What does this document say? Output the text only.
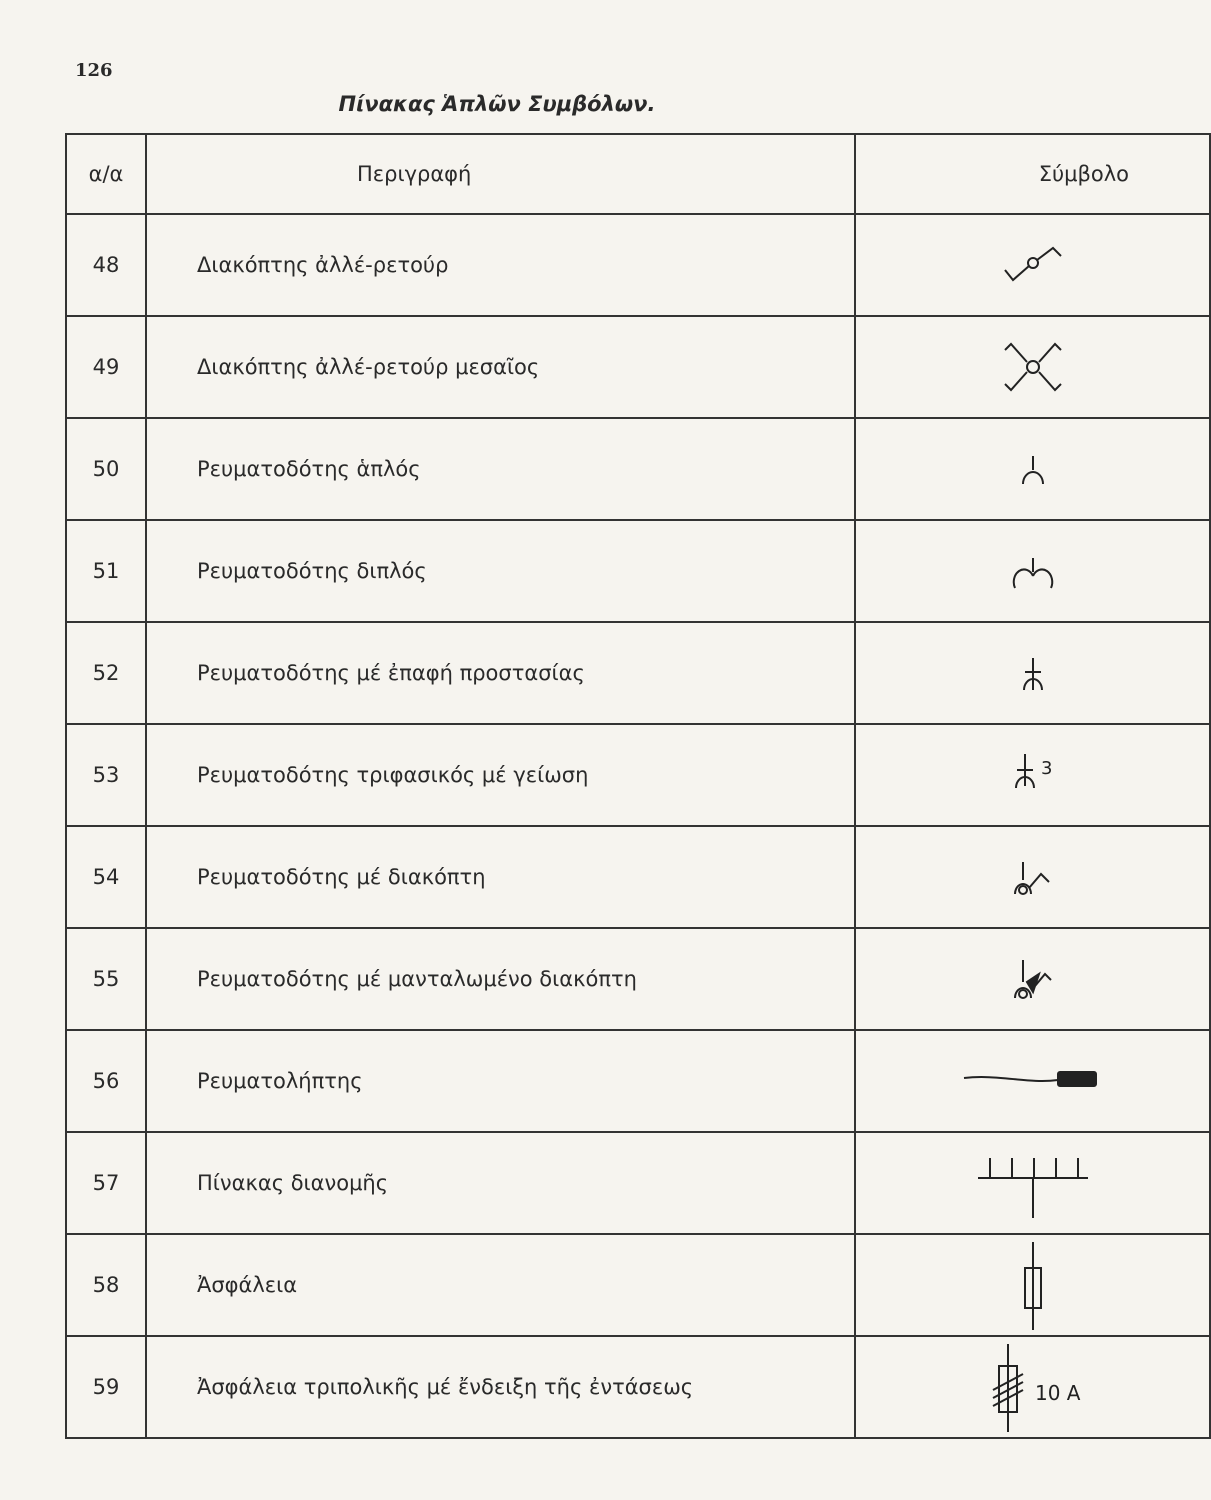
126
Πίνακας Ἁπλῶν Συμβόλων.
α/α	Περιγραφή	Σύμβολο
48	Διακόπτης ἀλλέ-ρετούρ	

49	Διακόπτης ἀλλέ-ρετούρ μεσαῖος	

50	Ρευματοδότης ἁπλός	

51	Ρευματοδότης διπλός	

52	Ρευματοδότης μέ ἐπαφή προστασίας	

53	Ρευματοδότης τριφασικός μέ γείωση	3

54	Ρευματοδότης μέ διακόπτη	

55	Ρευματοδότης μέ μανταλωμένο διακόπτη	

56	Ρευματολήπτης	

57	Πίνακας διανομῆς	

58	Ἀσφάλεια	

59	Ἀσφάλεια τριπολικῆς μέ ἔνδειξη τῆς ἐντάσεως	10 A
